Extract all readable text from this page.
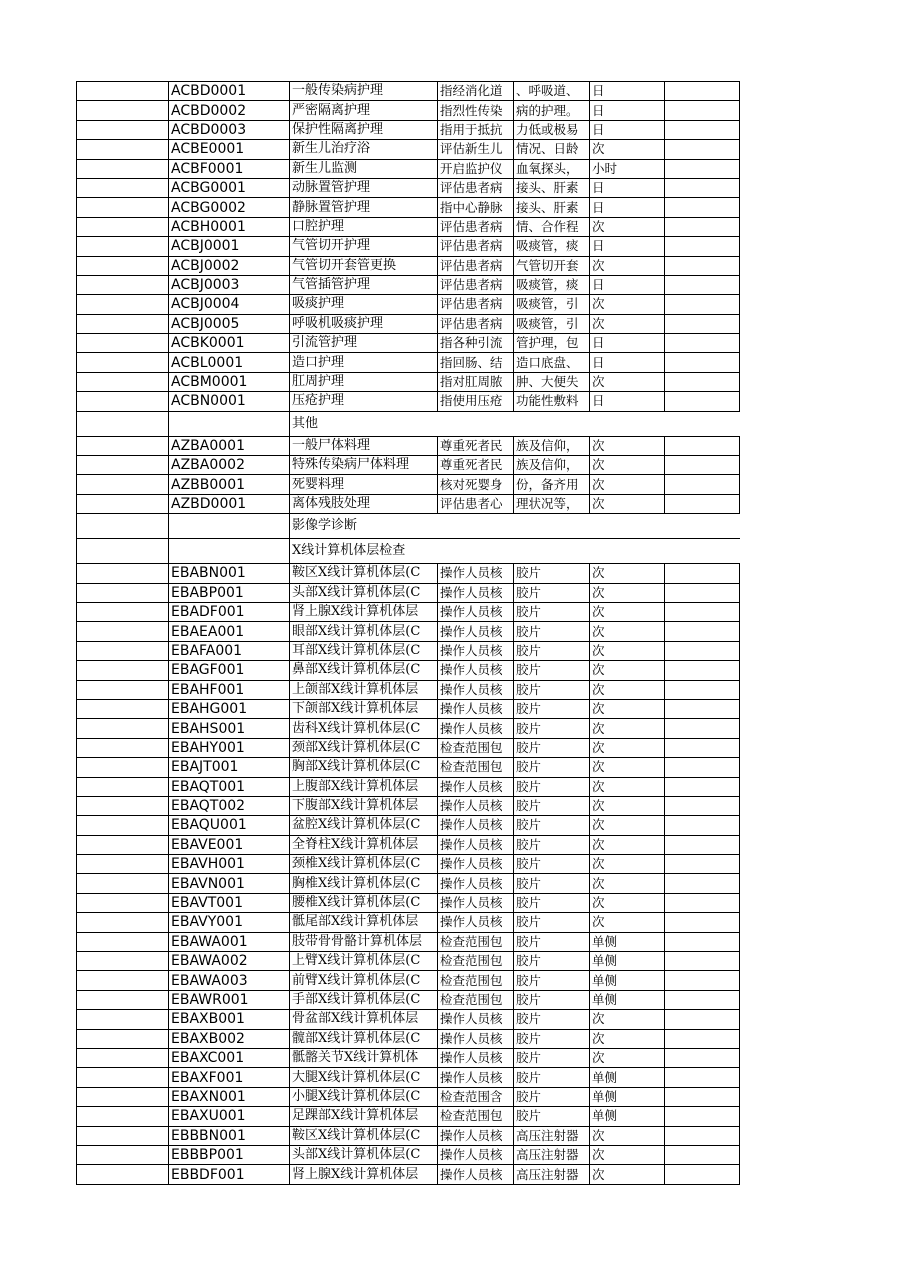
	ACBD0001	一般传染病护理	指经消化道	、呼吸道、	日	
	ACBD0002	严密隔离护理	指烈性传染	病的护理。	日	
	ACBD0003	保护性隔离护理	指用于抵抗	力低或极易	日	
	ACBE0001	新生儿治疗浴	评估新生儿	情况、日龄	次	
	ACBF0001	新生儿监测	开启监护仪	血氧探头，	小时	
	ACBG0001	动脉置管护理	评估患者病	接头、肝素	日	
	ACBG0002	静脉置管护理	指中心静脉	接头、肝素	日	
	ACBH0001	口腔护理	评估患者病	情、合作程	次	
	ACBJ0001	气管切开护理	评估患者病	吸痰管，痰	日	
	ACBJ0002	气管切开套管更换	评估患者病	气管切开套	次	
	ACBJ0003	气管插管护理	评估患者病	吸痰管，痰	日	
	ACBJ0004	吸痰护理	评估患者病	吸痰管，引	次	
	ACBJ0005	呼吸机吸痰护理	评估患者病	吸痰管，引	次	
	ACBK0001	引流管护理	指各种引流	管护理，包	日	
	ACBL0001	造口护理	指回肠、结	造口底盘、	日	
	ACBM0001	肛周护理	指对肛周脓	肿、大便失	次	
	ACBN0001	压疮护理	指使用压疮	功能性敷料	日	
		其他				
	AZBA0001	一般尸体料理	尊重死者民	族及信仰，	次	
	AZBA0002	特殊传染病尸体料理	尊重死者民	族及信仰，	次	
	AZBB0001	死婴料理	核对死婴身	份，备齐用	次	
	AZBD0001	离体残肢处理	评估患者心	理状况等，	次	
		影像学诊断				
		X线计算机体层检查				
	EBABN001	鞍区X线计算机体层(C	操作人员核	胶片	次	
	EBABP001	头部X线计算机体层(C	操作人员核	胶片	次	
	EBADF001	肾上腺X线计算机体层	操作人员核	胶片	次	
	EBAEA001	眼部X线计算机体层(C	操作人员核	胶片	次	
	EBAFA001	耳部X线计算机体层(C	操作人员核	胶片	次	
	EBAGF001	鼻部X线计算机体层(C	操作人员核	胶片	次	
	EBAHF001	上颌部X线计算机体层	操作人员核	胶片	次	
	EBAHG001	下颌部X线计算机体层	操作人员核	胶片	次	
	EBAHS001	齿科X线计算机体层(C	操作人员核	胶片	次	
	EBAHY001	颈部X线计算机体层(C	检查范围包	胶片	次	
	EBAJT001	胸部X线计算机体层(C	检查范围包	胶片	次	
	EBAQT001	上腹部X线计算机体层	操作人员核	胶片	次	
	EBAQT002	下腹部X线计算机体层	操作人员核	胶片	次	
	EBAQU001	盆腔X线计算机体层(C	操作人员核	胶片	次	
	EBAVE001	全脊柱X线计算机体层	操作人员核	胶片	次	
	EBAVH001	颈椎X线计算机体层(C	操作人员核	胶片	次	
	EBAVN001	胸椎X线计算机体层(C	操作人员核	胶片	次	
	EBAVT001	腰椎X线计算机体层(C	操作人员核	胶片	次	
	EBAVY001	骶尾部X线计算机体层	操作人员核	胶片	次	
	EBAWA001	肢带骨骨骼计算机体层	检查范围包	胶片	单侧	
	EBAWA002	上臂X线计算机体层(C	检查范围包	胶片	单侧	
	EBAWA003	前臂X线计算机体层(C	检查范围包	胶片	单侧	
	EBAWR001	手部X线计算机体层(C	检查范围包	胶片	单侧	
	EBAXB001	骨盆部X线计算机体层	操作人员核	胶片	次	
	EBAXB002	髋部X线计算机体层(C	操作人员核	胶片	次	
	EBAXC001	骶髂关节X线计算机体	操作人员核	胶片	次	
	EBAXF001	大腿X线计算机体层(C	操作人员核	胶片	单侧	
	EBAXN001	小腿X线计算机体层(C	检查范围含	胶片	单侧	
	EBAXU001	足踝部X线计算机体层	检查范围包	胶片	单侧	
	EBBBN001	鞍区X线计算机体层(C	操作人员核	高压注射器	次	
	EBBBP001	头部X线计算机体层(C	操作人员核	高压注射器	次	
	EBBDF001	肾上腺X线计算机体层	操作人员核	高压注射器	次	
